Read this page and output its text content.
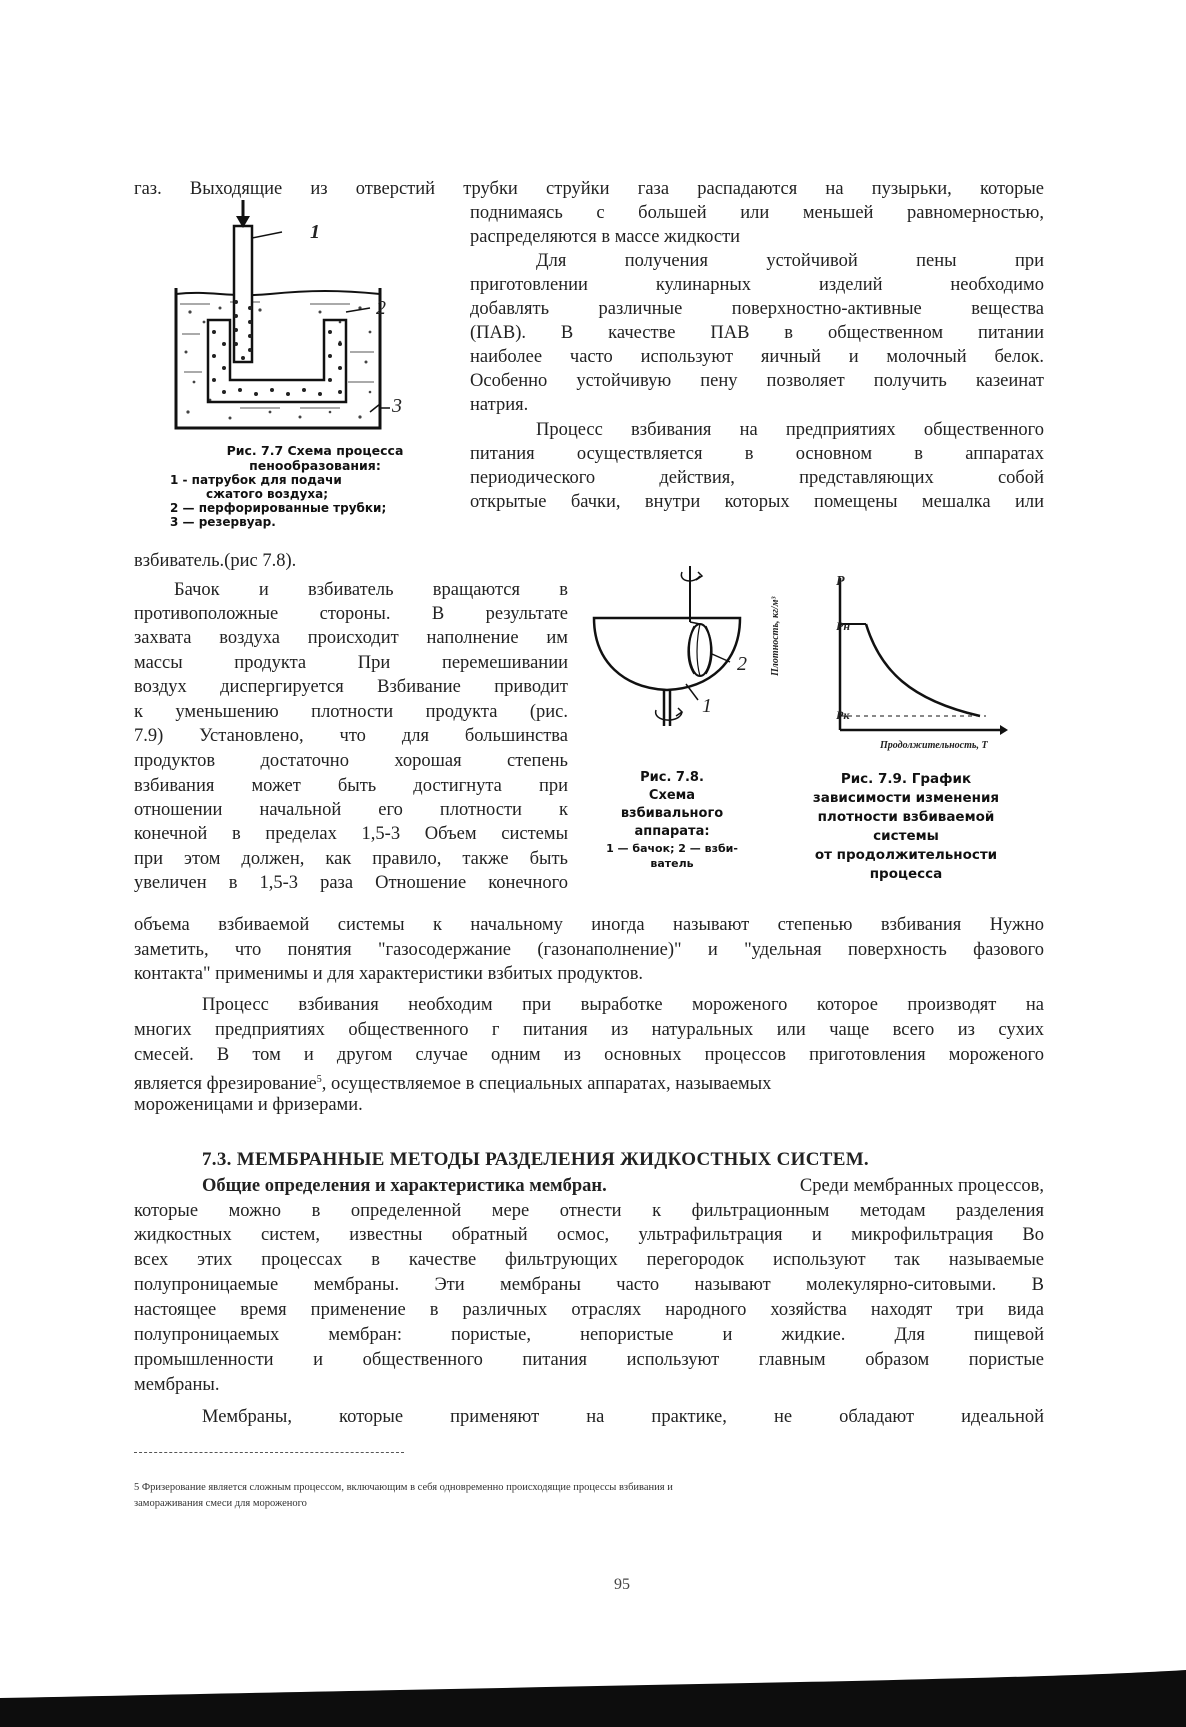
газ. Выходящие из отверстий трубки струйки газа распадаются на пузырьки, которые
поднимаясь с большей или меньшей равномерностью,
распределяются в массе жидкости
Для получения устойчивой пены при
приготовлении кулинарных изделий необходимо
добавлять различные поверхностно-активные вещества
(ПАВ). В качестве ПАВ в общественном питании
наиболее часто используют яичный и молочный белок.
Особенно устойчивую пену позволяет получить казеинат
натрия.
Процесс взбивания на предприятиях общественного
питания осуществляется в основном в аппаратах
периодического действия, представляющих собой
открытые бачки, внутри которых помещены мешалка или
взбиватель.(рис 7.8).
1
2
3
Рис. 7.7 Схема процесса
пенообразования:
1 - патрубок для подачи
сжатого воздуха;
2 — перфорированные трубки;
3 — резервуар.
Бачок и взбиватель вращаются в
противоположные стороны. В результате
захвата воздуха происходит наполнение им
массы продукта При перемешивании
воздух диспергируется Взбивание приводит
к уменьшению плотности продукта (рис.
7.9) Установлено, что для большинства
продуктов достаточно хорошая степень
взбивания может быть достигнута при
отношении начальной его плотности к
конечной в пределах 1,5-3 Объем системы
при этом должен, как правило, также быть
увеличен в 1,5-3 раза Отношение конечного
2
1
Рис. 7.8.
Схема
взбивального
аппарата:
1 — бачок; 2 — взби-
ватель
P
Pн
Pк
Плотность, кг/м³
Продолжительность, Т
Рис. 7.9. График
зависимости изменения
плотности взбиваемой
системы
от продолжительности
процесса
объема взбиваемой системы к начальному иногда называют степенью взбивания Нужно
заметить, что понятия "газосодержание (газонаполнение)" и "удельная поверхность фазового
контакта" применимы и для характеристики взбитых продуктов.
Процесс взбивания необходим при выработке мороженого которое производят на
многих предприятиях общественного г питания из натуральных или чаще всего из сухих
смесей. В том и другом случае одним из основных процессов приготовления мороженого
является фрезирование$^5$, осуществляемое в специальных аппаратах, называемых
мороженицами и фризерами.
7.3. МЕМБРАННЫЕ МЕТОДЫ РАЗДЕЛЕНИЯ ЖИДКОСТНЫХ СИСТЕМ.
Общие определения и характеристика мембран.	Среди мембранных процессов,
которые можно в определенной мере отнести к фильтрационным методам разделения
жидкостных систем, известны обратный осмос, ультрафильтрация и микрофильтрация Во
всех этих процессах в качестве фильтрующих перегородок используют так называемые
полупроницаемые мембраны. Эти мембраны часто называют молекулярно-ситовыми. В
настоящее время применение в различных отраслях народного хозяйства находят три вида
полупроницаемых мембран: пористые, непористые и жидкие. Для пищевой
промышленности и общественного питания используют главным образом пористые
мембраны.
Мембраны, которые применяют на практике, не обладают идеальной
5 Фризерование является сложным процессом, включающим в себя одновременно происходящие процессы взбивания и
замораживания смеси для мороженого
95
